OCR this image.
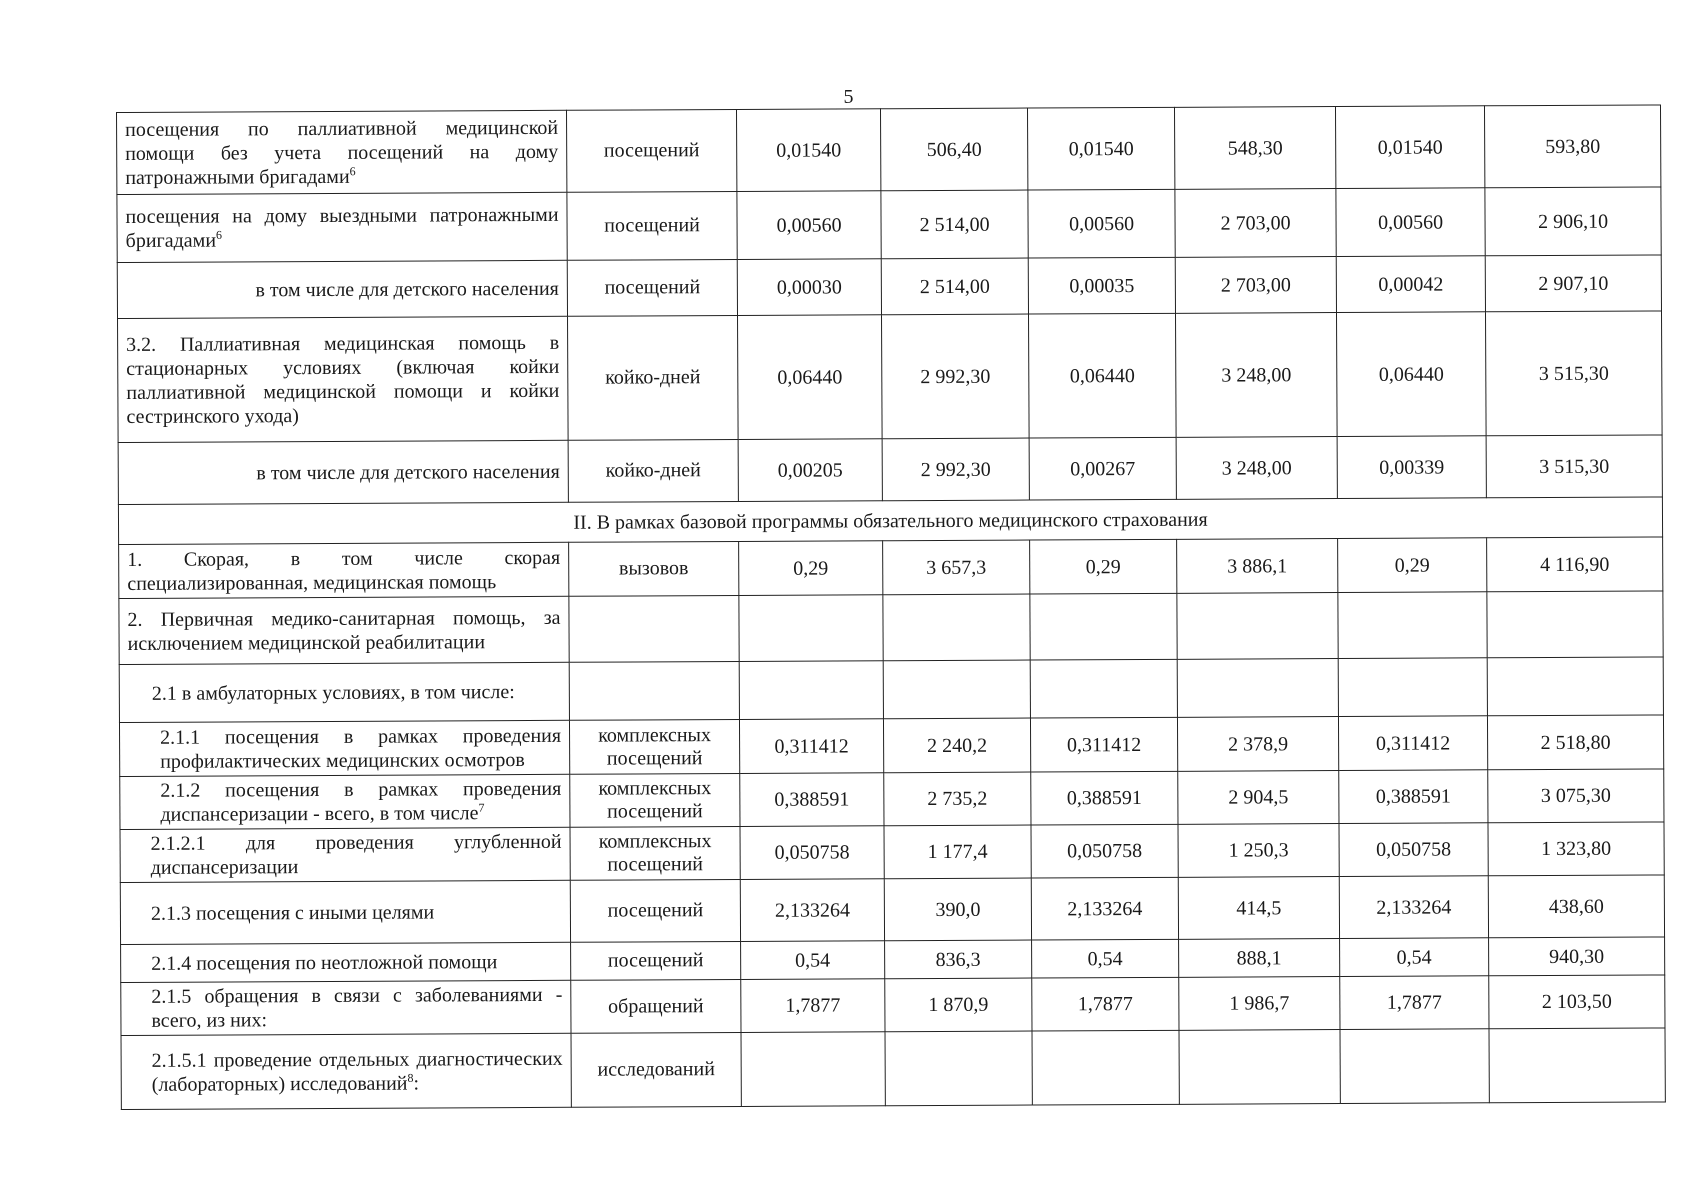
5
посещения по паллиативной медицинской помощи без учета посещений на дому патронажными бригадами$^6$	посещений	0,01540	506,40	0,01540	548,30	0,01540	593,80
посещения на дому выездными патронажными бригадами$^6$	посещений	0,00560	2 514,00	0,00560	2 703,00	0,00560	2 906,10
в том числе для детского населения	посещений	0,00030	2 514,00	0,00035	2 703,00	0,00042	2 907,10
3.2. Паллиативная медицинская помощь в стационарных условиях (включая койки паллиативной медицинской помощи и койки сестринского ухода)	койко-дней	0,06440	2 992,30	0,06440	3 248,00	0,06440	3 515,30
в том числе для детского населения	койко-дней	0,00205	2 992,30	0,00267	3 248,00	0,00339	3 515,30
II. В рамках базовой программы обязательного медицинского страхования							
1. Скорая, в том числе скорая специализированная, медицинская помощь	вызовов	0,29	3 657,3	0,29	3 886,1	0,29	4 116,90
2. Первичная медико-санитарная помощь, за исключением медицинской реабилитации							
2.1 в амбулаторных условиях, в том числе:							
2.1.1 посещения в рамках проведения профилактических медицинских осмотров	комплексных посещений	0,311412	2 240,2	0,311412	2 378,9	0,311412	2 518,80
2.1.2 посещения в рамках проведения диспансеризации - всего, в том числе$^7$	комплексных посещений	0,388591	2 735,2	0,388591	2 904,5	0,388591	3 075,30
2.1.2.1 для проведения углубленной диспансеризации	комплексных посещений	0,050758	1 177,4	0,050758	1 250,3	0,050758	1 323,80
2.1.3 посещения с иными целями	посещений	2,133264	390,0	2,133264	414,5	2,133264	438,60
2.1.4 посещения по неотложной помощи	посещений	0,54	836,3	0,54	888,1	0,54	940,30
2.1.5 обращения в связи с заболеваниями - всего, из них:	обращений	1,7877	1 870,9	1,7877	1 986,7	1,7877	2 103,50
2.1.5.1 проведение отдельных диагностических (лабораторных) исследований$^8$:	исследований						
